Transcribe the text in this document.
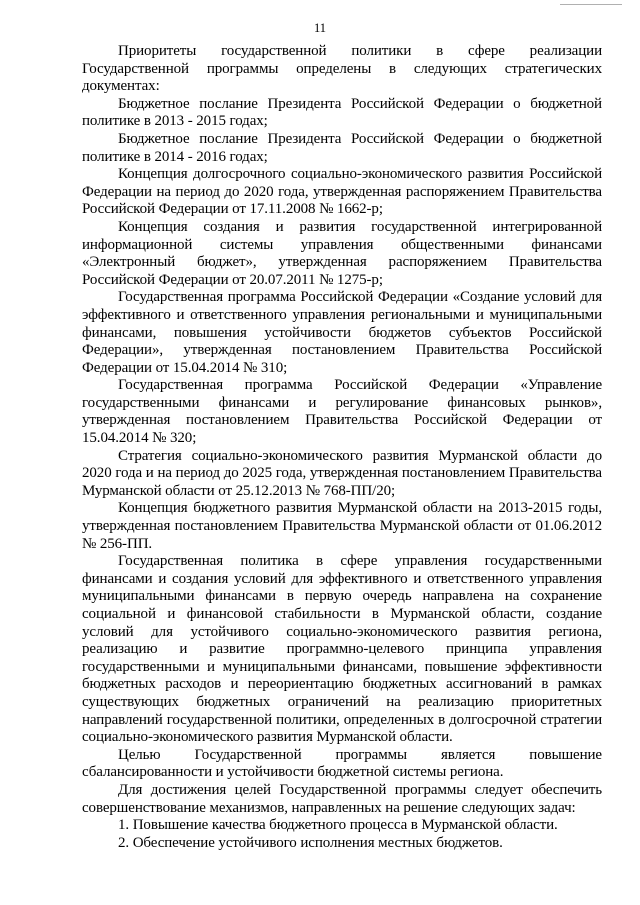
11

Приоритеты государственной политики в сфере реализации Государственной программы определены в следующих стратегических документах:

Бюджетное послание Президента Российской Федерации о бюджетной политике в 2013 - 2015 годах;

Бюджетное послание Президента Российской Федерации о бюджетной политике в 2014 - 2016 годах;

Концепция долгосрочного социально-экономического развития Российской Федерации на период до 2020 года, утвержденная распоряжением Правительства Российской Федерации от 17.11.2008 № 1662-р;

Концепция создания и развития государственной интегрированной информационной системы управления общественными финансами «Электронный бюджет», утвержденная распоряжением Правительства Российской Федерации от 20.07.2011 № 1275-р;

Государственная программа Российской Федерации «Создание условий для эффективного и ответственного управления региональными и муниципальными финансами, повышения устойчивости бюджетов субъектов Российской Федерации», утвержденная постановлением Правительства Российской Федерации от 15.04.2014 № 310;

Государственная программа Российской Федерации «Управление государственными финансами и регулирование финансовых рынков», утвержденная постановлением Правительства Российской Федерации от 15.04.2014 № 320;

Стратегия социально-экономического развития Мурманской области до 2020 года и на период до 2025 года, утвержденная постановлением Правительства Мурманской области от 25.12.2013 № 768-ПП/20;

Концепция бюджетного развития Мурманской области на 2013-2015 годы, утвержденная постановлением Правительства Мурманской области от 01.06.2012 № 256-ПП.

Государственная политика в сфере управления государственными финансами и создания условий для эффективного и ответственного управления муниципальными финансами в первую очередь направлена на сохранение социальной и финансовой стабильности в Мурманской области, создание условий для устойчивого социально-экономического развития региона, реализацию и развитие программно-целевого принципа управления государственными и муниципальными финансами, повышение эффективности бюджетных расходов и переориентацию бюджетных ассигнований в рамках существующих бюджетных ограничений на реализацию приоритетных направлений государственной политики, определенных в долгосрочной стратегии социально-экономического развития Мурманской области.

Целью Государственной программы является повышение сбалансированности и устойчивости бюджетной системы региона.

Для достижения целей Государственной программы следует обеспечить совершенствование механизмов, направленных на решение следующих задач:

1. Повышение качества бюджетного процесса в Мурманской области.

2. Обеспечение устойчивого исполнения местных бюджетов.
